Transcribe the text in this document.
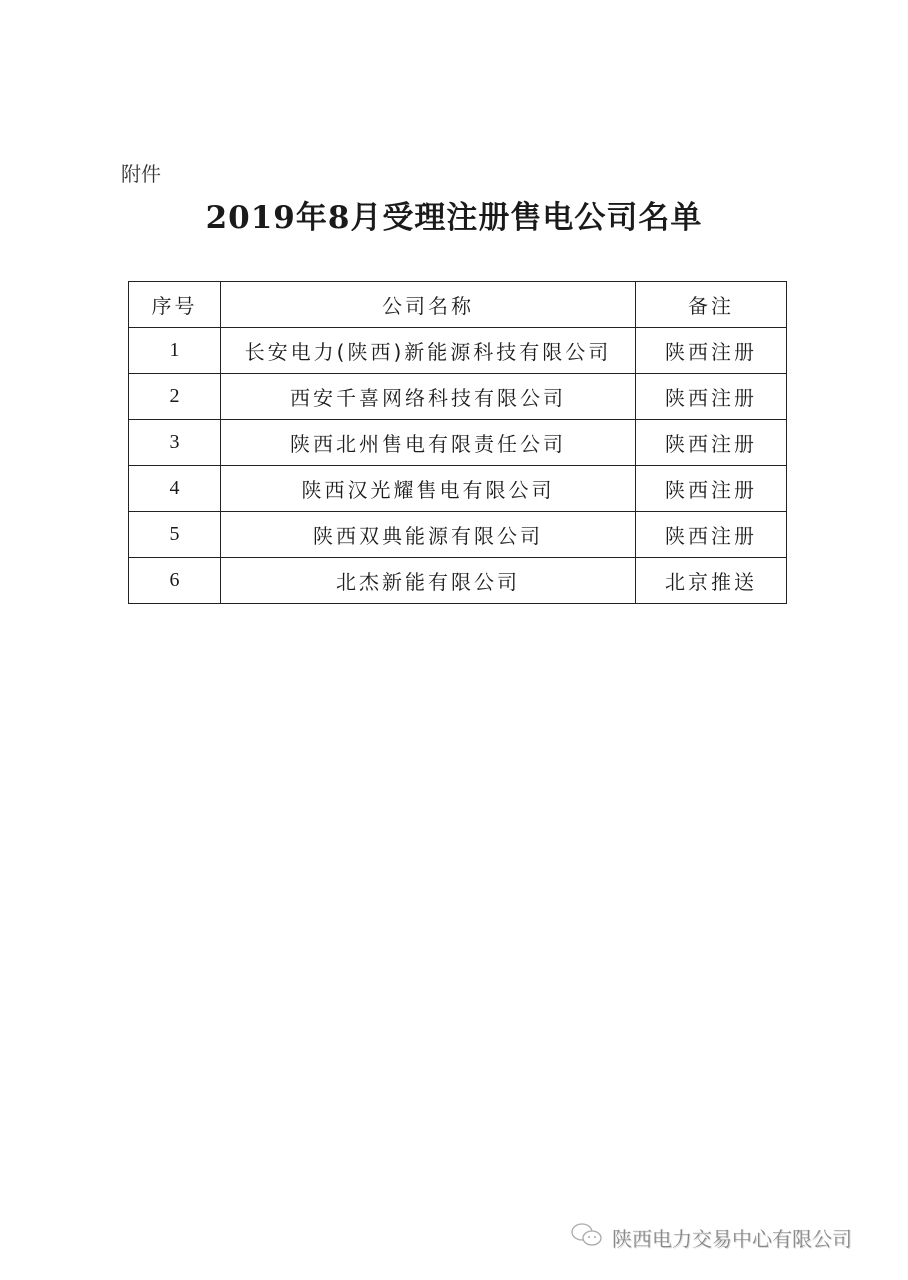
附件
2019年8月受理注册售电公司名单
序号	公司名称	备注
1	长安电力(陕西)新能源科技有限公司	陕西注册
2	西安千喜网络科技有限公司	陕西注册
3	陕西北州售电有限责任公司	陕西注册
4	陕西汉光耀售电有限公司	陕西注册
5	陕西双典能源有限公司	陕西注册
6	北杰新能有限公司	北京推送
陕西电力交易中心有限公司
